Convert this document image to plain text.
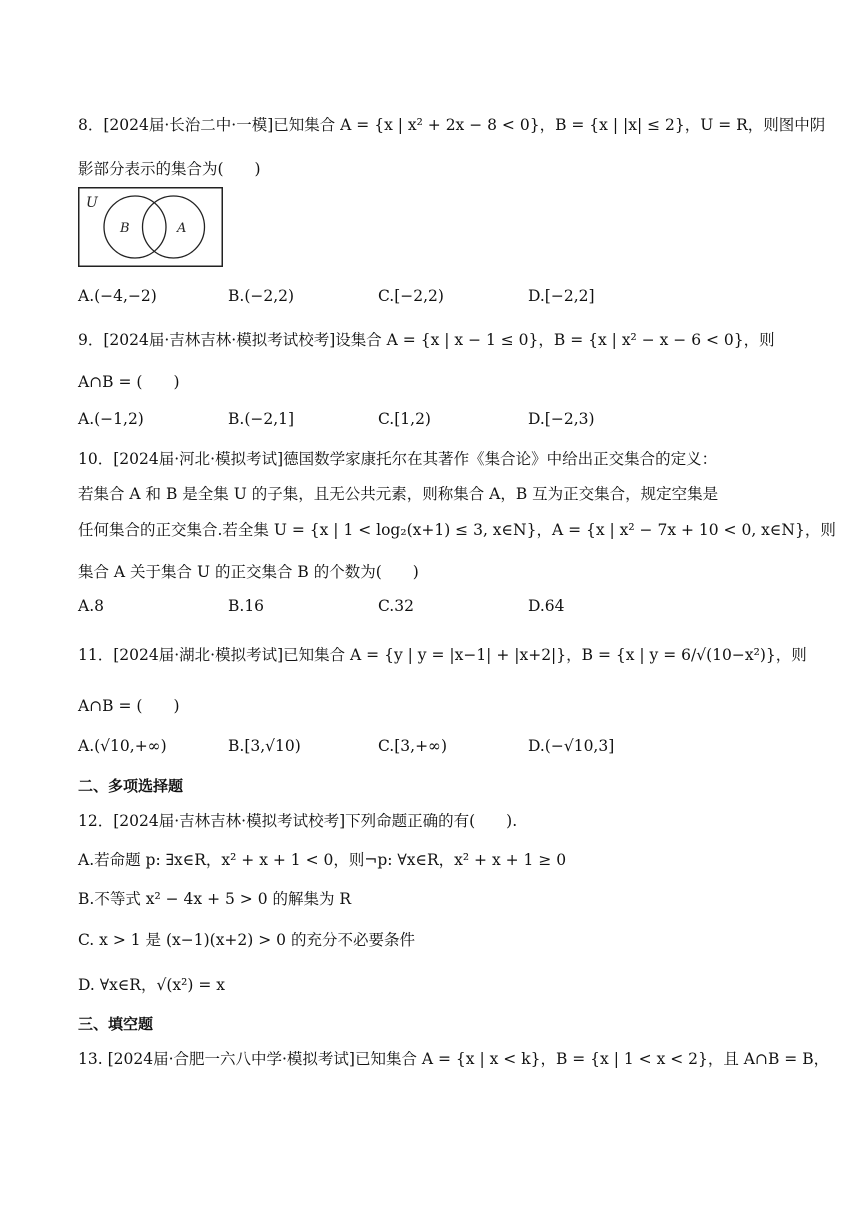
8．[2024届·长治二中·一模]已知集合 A = {x | x² + 2x − 8 < 0}，B = {x | |x| ≤ 2}，U = R，则图中阴
影部分表示的集合为(　　)
U
B	A
A.(−4,−2)	B.(−2,2)	C.[−2,2)	D.[−2,2]
9．[2024届·吉林吉林·模拟考试校考]设集合 A = {x | x − 1 ≤ 0}，B = {x | x² − x − 6 < 0}，则
A∩B = (　　)
A.(−1,2)	B.(−2,1]	C.[1,2)	D.[−2,3)
10．[2024届·河北·模拟考试]德国数学家康托尔在其著作《集合论》中给出正交集合的定义：
若集合 A 和 B 是全集 U 的子集，且无公共元素，则称集合 A，B 互为正交集合，规定空集是
任何集合的正交集合.若全集 U = {x | 1 < log₂(x+1) ≤ 3, x∈N}，A = {x | x² − 7x + 10 < 0, x∈N}，则
集合 A 关于集合 U 的正交集合 B 的个数为(　　)
A.8	B.16	C.32	D.64
11．[2024届·湖北·模拟考试]已知集合 A = {y | y = |x−1| + |x+2|}，B = {x | y = 6/√(10−x²)}，则
A∩B = (　　)
A.(√10,+∞)	B.[3,√10)	C.[3,+∞)	D.(−√10,3]
二、多项选择题
12．[2024届·吉林吉林·模拟考试校考]下列命题正确的有(　　).
A.若命题 p: ∃x∈R，x² + x + 1 < 0，则¬p: ∀x∈R，x² + x + 1 ≥ 0
B.不等式 x² − 4x + 5 > 0 的解集为 R
C. x > 1 是 (x−1)(x+2) > 0 的充分不必要条件
D. ∀x∈R，√(x²) = x
三、填空题
13. [2024届·合肥一六八中学·模拟考试]已知集合 A = {x | x < k}，B = {x | 1 < x < 2}，且 A∩B = B，
